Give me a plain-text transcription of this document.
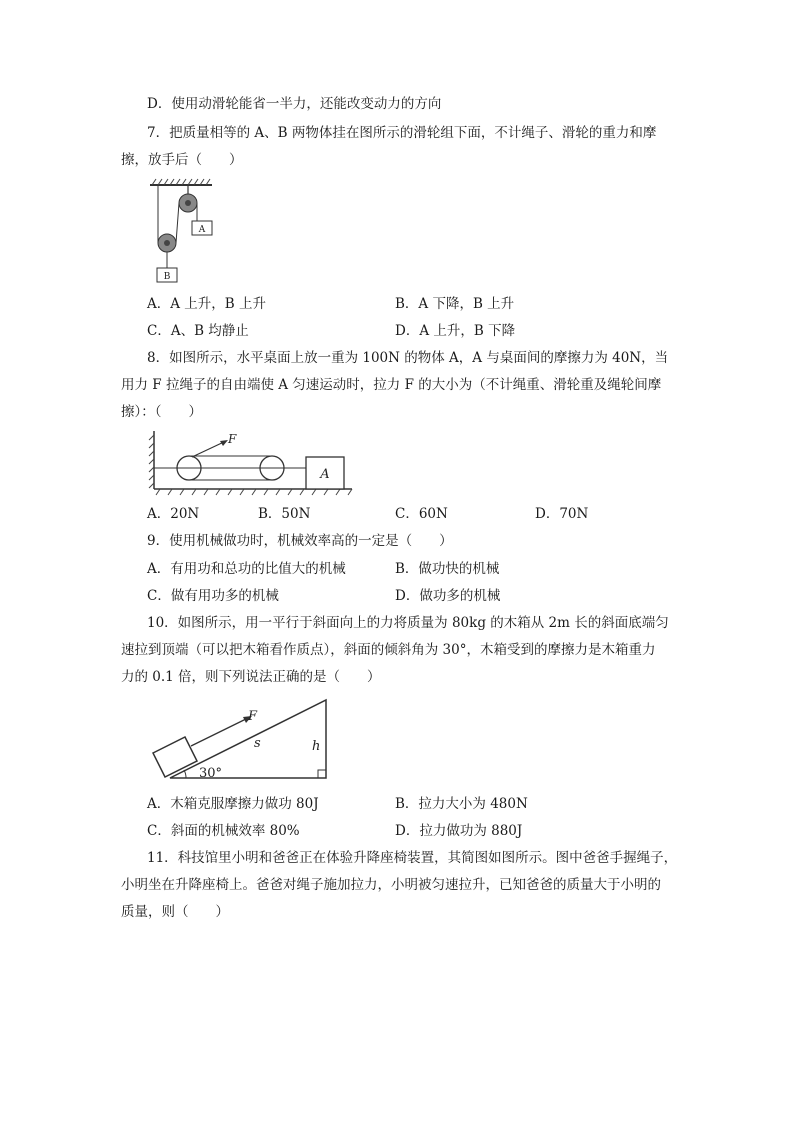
D．使用动滑轮能省一半力，还能改变动力的方向
7．把质量相等的 A、B 两物体挂在图所示的滑轮组下面，不计绳子、滑轮的重力和摩
擦，放手后（　　）
A
B
A．A 上升，B 上升	B．A 下降，B 上升
C．A、B 均静止	D．A 上升，B 下降
8．如图所示，水平桌面上放一重为 100N 的物体 A，A 与桌面间的摩擦力为 40N，当
用力 F 拉绳子的自由端使 A 匀速运动时，拉力 F 的大小为（不计绳重、滑轮重及绳轮间摩
擦）：（　　）
F
A
A．20N	B．50N	C．60N	D．70N
9．使用机械做功时，机械效率高的一定是（　　）
A．有用功和总功的比值大的机械	B．做功快的机械
C．做有用功多的机械	D．做功多的机械
10．如图所示，用一平行于斜面向上的力将质量为 80kg 的木箱从 2m 长的斜面底端匀
速拉到顶端（可以把木箱看作质点），斜面的倾斜角为 30°，木箱受到的摩擦力是木箱重力
力的 0.1 倍，则下列说法正确的是（　　）
F
s	h
30°
A．木箱克服摩擦力做功 80J	B．拉力大小为 480N
C．斜面的机械效率 80%	D．拉力做功为 880J
11．科技馆里小明和爸爸正在体验升降座椅装置，其简图如图所示。图中爸爸手握绳子，
小明坐在升降座椅上。爸爸对绳子施加拉力，小明被匀速拉升，已知爸爸的质量大于小明的
质量，则（　　）
